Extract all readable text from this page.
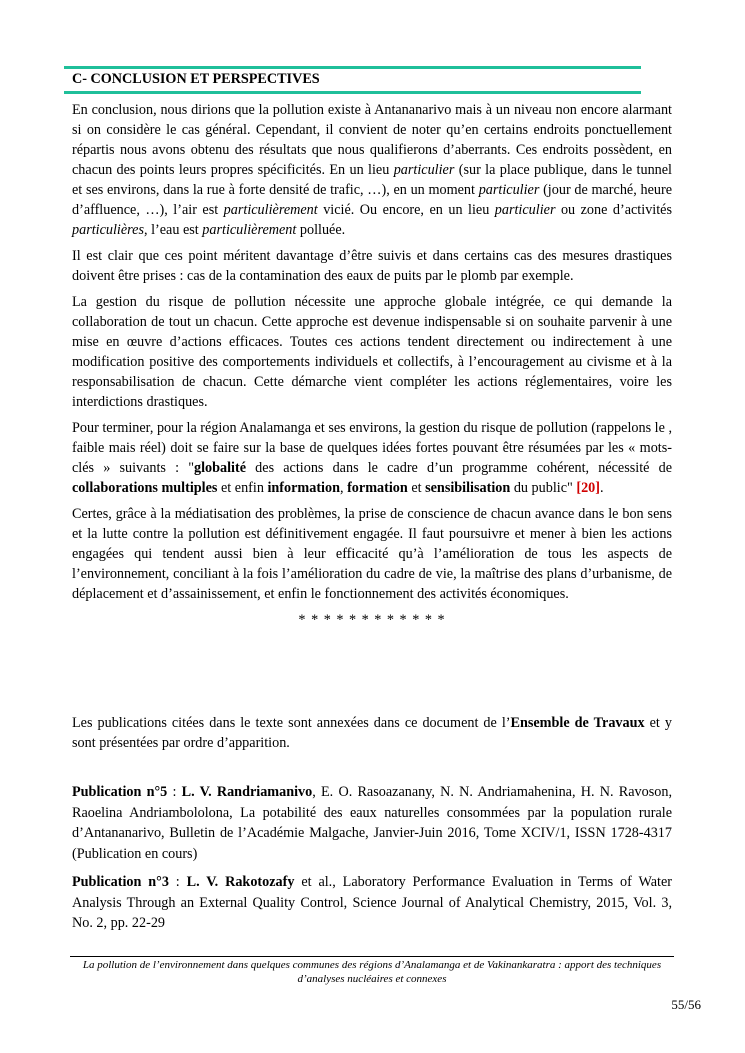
C- CONCLUSION ET PERSPECTIVES

En conclusion, nous dirions que la pollution existe à Antananarivo mais à un niveau non encore alarmant si on considère le cas général. Cependant, il convient de noter qu’en certains endroits ponctuellement répartis nous avons obtenu des résultats que nous qualifierons d’aberrants. Ces endroits possèdent, en chacun des points leurs propres spécificités. En un lieu particulier (sur la place publique, dans le tunnel et ses environs, dans la rue à forte densité de trafic, …), en un moment particulier (jour de marché, heure d’affluence, …), l’air est particulièrement vicié. Ou encore, en un lieu particulier ou zone d’activités particulières, l’eau est particulièrement polluée.

Il est clair que ces point méritent davantage d’être suivis et dans certains cas des mesures drastiques doivent être prises : cas de la contamination des eaux de puits par le plomb par exemple.

La gestion du risque de pollution nécessite une approche globale intégrée, ce qui demande la collaboration de tout un chacun. Cette approche est devenue indispensable si on souhaite parvenir à une mise en œuvre d’actions efficaces. Toutes ces actions tendent directement ou indirectement à une modification positive des comportements individuels et collectifs, à l’encouragement au civisme et à la responsabilisation de chacun. Cette démarche vient compléter les actions réglementaires, voire les interdictions drastiques.

Pour terminer, pour la région Analamanga et ses environs, la gestion du risque de pollution (rappelons le , faible mais réel) doit se faire sur la base de quelques idées fortes pouvant être résumées par les « mots-clés » suivants : "globalité des actions dans le cadre d’un programme cohérent, nécessité de collaborations multiples et enfin information, formation et sensibilisation du public" [20].

Certes, grâce à la médiatisation des problèmes, la prise de conscience de chacun avance dans le bon sens et la lutte contre la pollution est définitivement engagée. Il faut poursuivre et mener à bien les actions engagées qui tendent aussi bien à leur efficacité qu’à l’amélioration de tous les aspects de l’environnement, conciliant à la fois l’amélioration du cadre de vie, la maîtrise des plans d’urbanisme, de déplacement et d’assainissement, et enfin le fonctionnement des activités économiques.

* * * * * * * * * * * *

Les publications citées dans le texte sont annexées dans ce document de l’Ensemble de Travaux et y sont présentées par ordre d’apparition.

Publication n°5 : L. V. Randriamanivo, E. O. Rasoazanany, N. N. Andriamahenina, H. N. Ravoson, Raoelina Andriambololona, La potabilité des eaux naturelles consommées par la population rurale d’Antananarivo, Bulletin de l’Académie Malgache, Janvier-Juin 2016, Tome XCIV/1, ISSN 1728-4317 (Publication en cours)

Publication n°3 : L. V. Rakotozafy et al., Laboratory Performance Evaluation in Terms of Water Analysis Through an External Quality Control, Science Journal of Analytical Chemistry, 2015, Vol. 3, No. 2, pp. 22-29

La pollution de l’environnement dans quelques communes des régions d’Analamanga et de Vakinankaratra : apport des techniques d’analyses nucléaires et connexes
55/56
